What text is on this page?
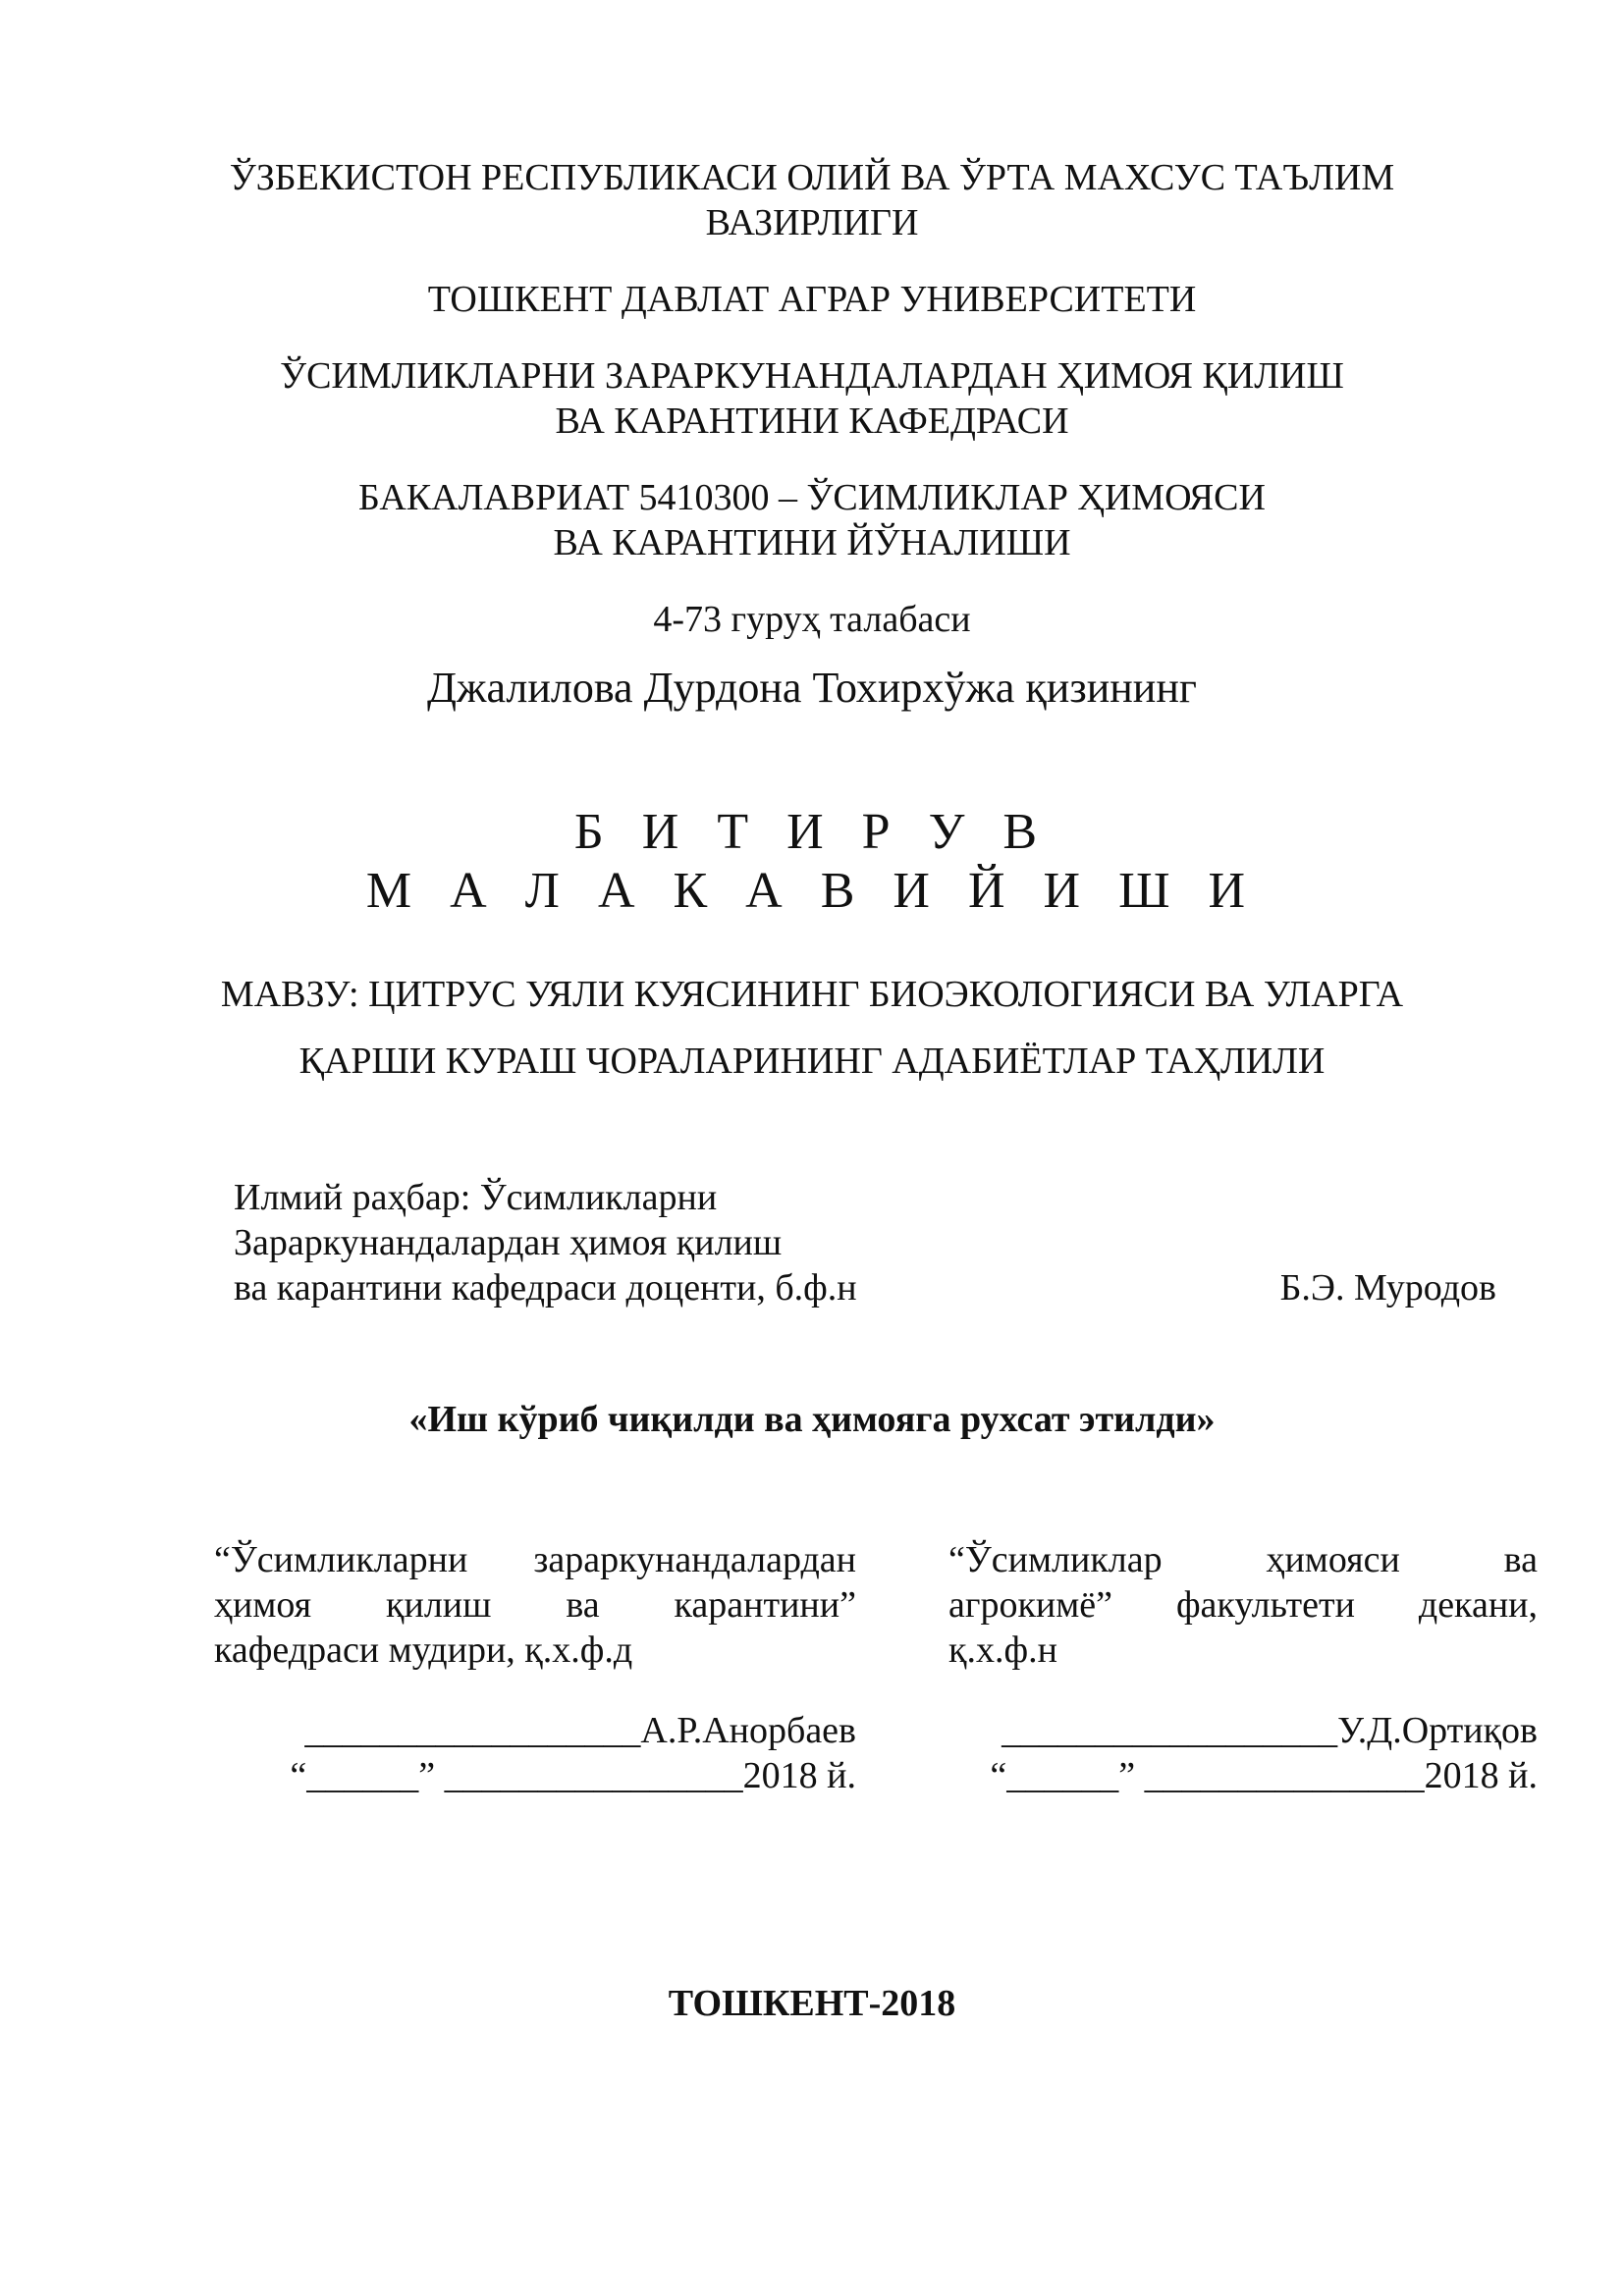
ЎЗБЕКИСТОН РЕСПУБЛИКАСИ ОЛИЙ ВА ЎРТА МАХСУС ТАЪЛИМ
ВАЗИРЛИГИ
ТОШКЕНТ ДАВЛАТ АГРАР УНИВЕРСИТЕТИ
ЎСИМЛИКЛАРНИ ЗАРАРКУНАНДАЛАРДАН ҲИМОЯ ҚИЛИШ
ВА КАРАНТИНИ КАФЕДРАСИ
БАКАЛАВРИАТ 5410300 – ЎСИМЛИКЛАР ҲИМОЯСИ
ВА КАРАНТИНИ ЙЎНАЛИШИ
4-73 гуруҳ талабаси
Джалилова Дурдона Тохирхўжа қизининг
Б И Т И Р У В
М А Л А К А В И Й И Ш И
МАВЗУ: ЦИТРУС УЯЛИ КУЯСИНИНГ БИОЭКОЛОГИЯСИ ВА УЛАРГА
ҚАРШИ КУРАШ ЧОРАЛАРИНИНГ АДАБИЁТЛАР ТАҲЛИЛИ
Илмий раҳбар: Ўсимликларни
Зараркунандалардан ҳимоя қилиш
ва карантини кафедраси доценти, б.ф.н	Б.Э. Муродов
«Иш кўриб чиқилди ва ҳимояга рухсат этилди»
“Ўсимликларни зараркунандалардан
ҳимоя қилиш ва карантини”
кафедраси мудири, қ.х.ф.д
__________________А.Р.Анорбаев
“______” ________________2018 й.
“Ўсимликлар	ҳимояси	ва
агрокимё” факультети декани,
қ.х.ф.н
__________________У.Д.Ортиқов
“______” _______________2018 й.
ТОШКЕНТ-2018
